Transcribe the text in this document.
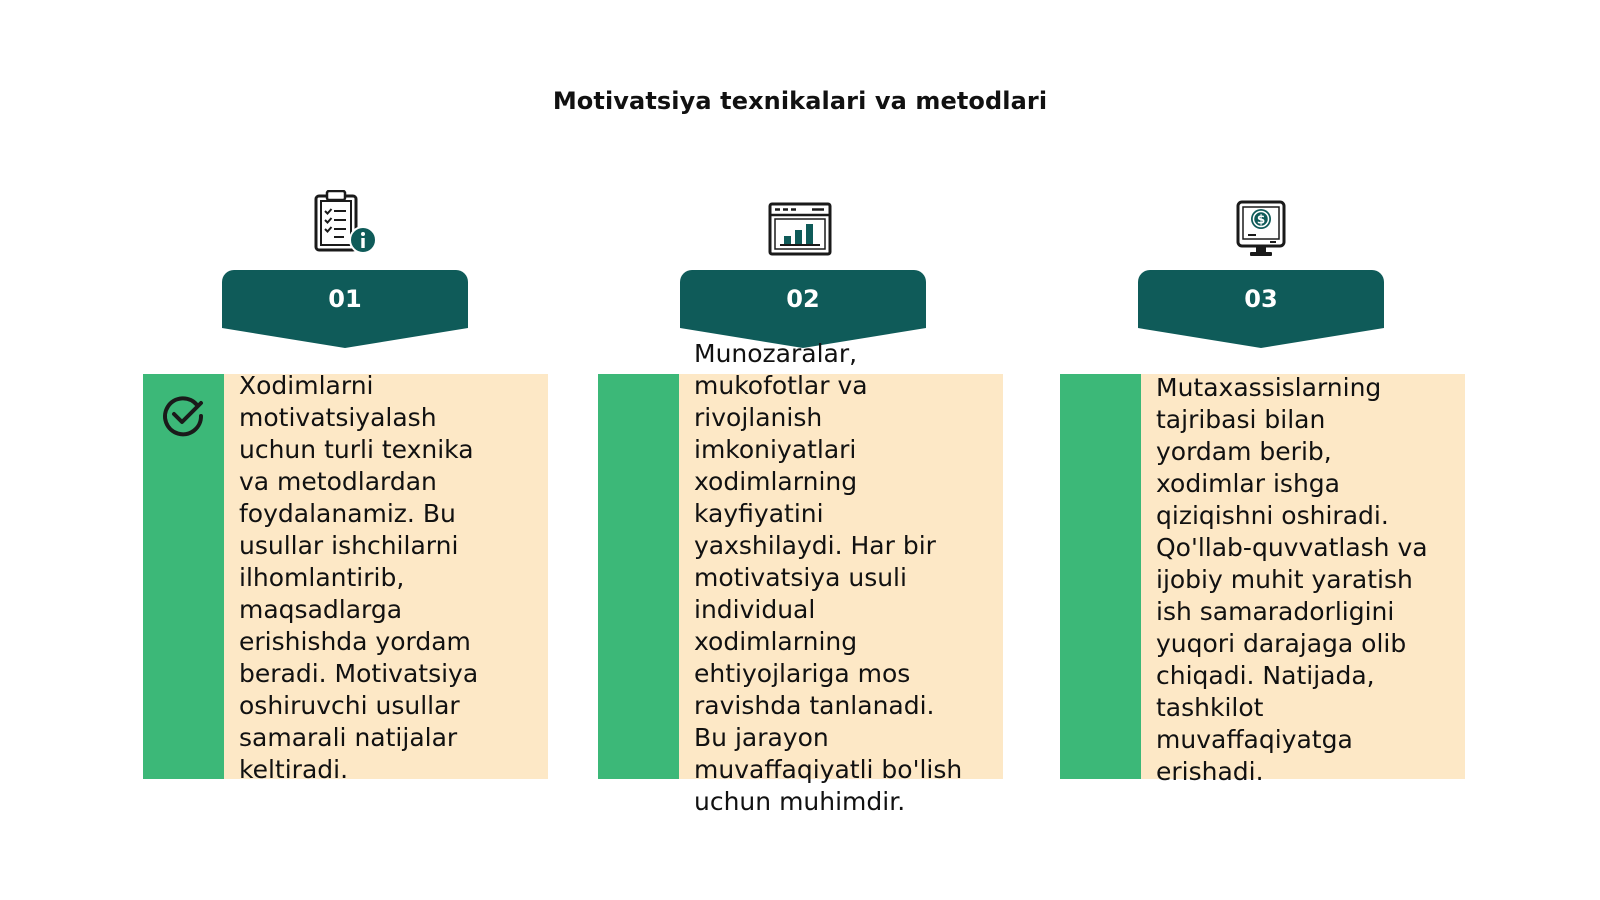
Motivatsiya texnikalari va metodlari
$
01	02	03
Xodimlarni
motivatsiyalash
uchun turli texnika
va metodlardan
foydalanamiz. Bu
usullar ishchilarni
ilhomlantirib,
maqsadlarga
erishishda yordam
beradi. Motivatsiya
oshiruvchi usullar
samarali natijalar
keltiradi.
Munozaralar,
mukofotlar va
rivojlanish
imkoniyatlari
xodimlarning
kayfiyatini
yaxshilaydi. Har bir
motivatsiya usuli
individual
xodimlarning
ehtiyojlariga mos
ravishda tanlanadi.
Bu jarayon
muvaffaqiyatli bo'lish
uchun muhimdir.
Mutaxassislarning
tajribasi bilan
yordam berib,
xodimlar ishga
qiziqishni oshiradi.
Qo'llab-quvvatlash va
ijobiy muhit yaratish
ish samaradorligini
yuqori darajaga olib
chiqadi. Natijada,
tashkilot
muvaffaqiyatga
erishadi.
